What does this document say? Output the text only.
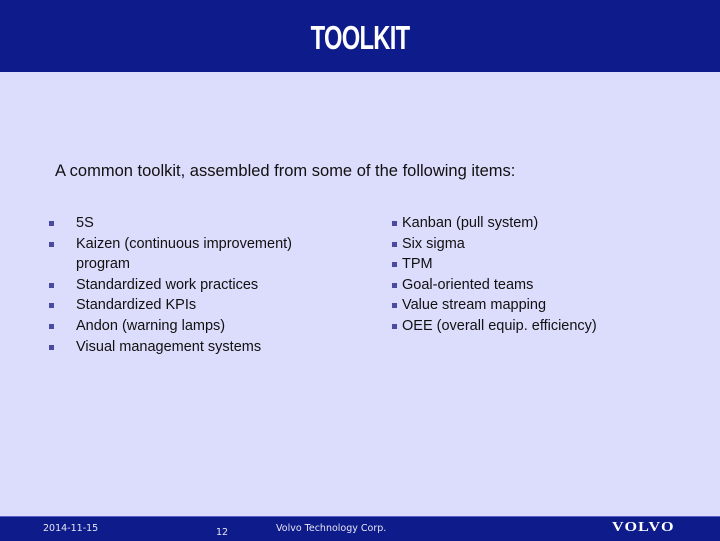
TOOLKIT
A common toolkit, assembled from some of the following items:
5S
Kaizen (continuous improvement) program
Standardized work practices
Standardized KPIs
Andon (warning lamps)
Visual management systems
Kanban (pull system)
Six sigma
TPM
Goal-oriented teams
Value stream mapping
OEE (overall equip. efficiency)
2014-11-15	12	Volvo Technology Corp.	VOLVO
